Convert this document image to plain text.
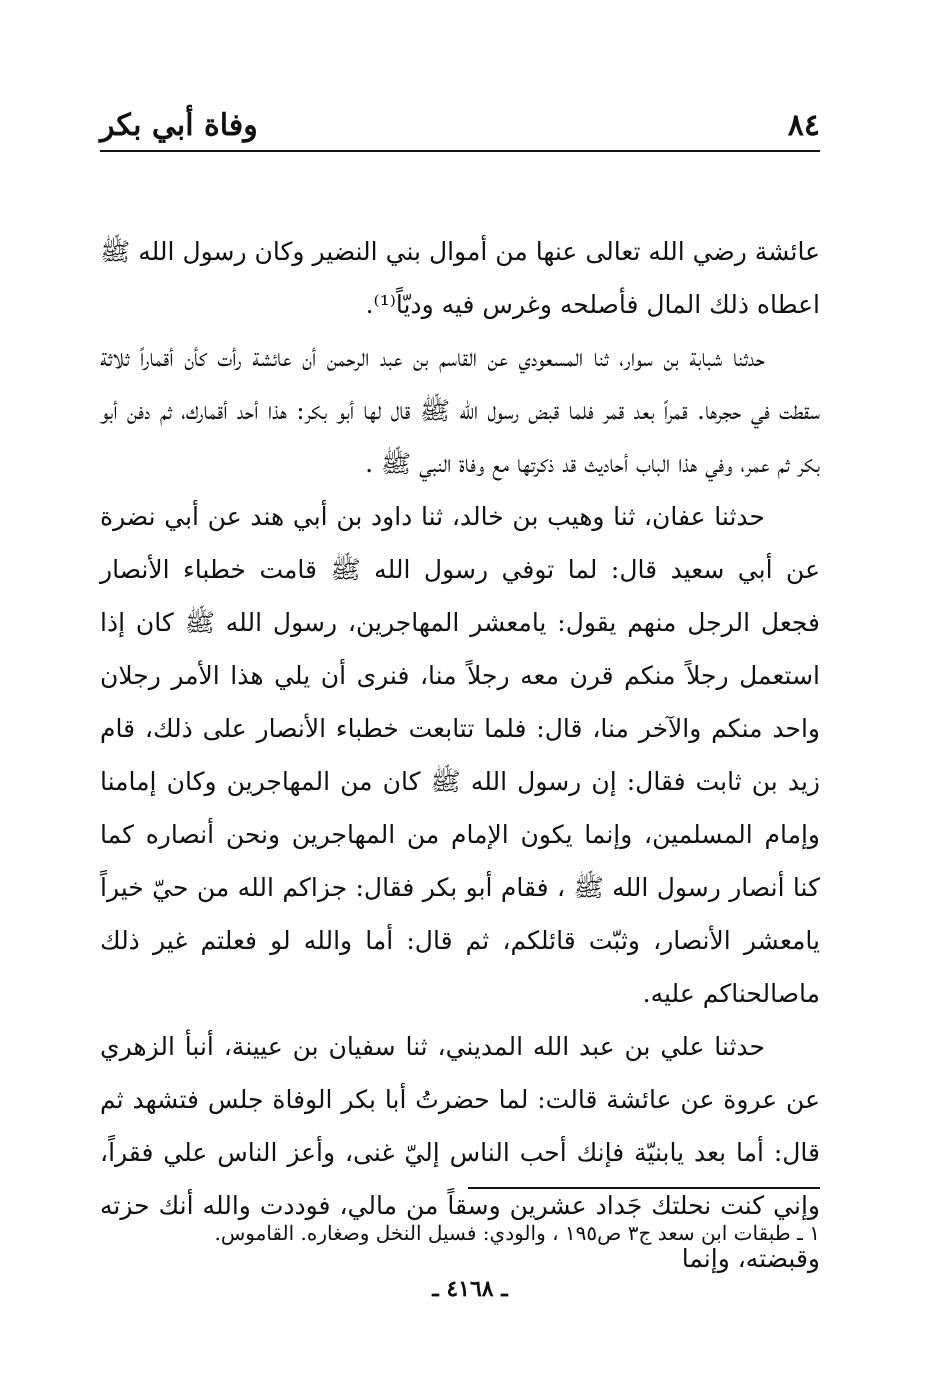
٨٤
وفاة أبي بكر

عائشة رضي الله تعالى عنها من أموال بني النضير وكان رسول الله ﷺ اعطاه ذلك المال فأصلحه وغرس فيه وديّاً⁽¹⁾.

حدثنا شبابة بن سوار، ثنا المسعودي عن القاسم بن عبد الرحمن أن عائشة رأت كأن أقماراً ثلاثة سقطت في حجرها. قمراً بعد قمر فلما قبض رسول الله ﷺ قال لها أبو بكر: هذا أحد أقمارك، ثم دفن أبو بكر ثم عمر، وفي هذا الباب أحاديث قد ذكرتها مع وفاة النبي ﷺ .

حدثنا عفان، ثنا وهيب بن خالد، ثنا داود بن أبي هند عن أبي نضرة عن أبي سعيد قال: لما توفي رسول الله ﷺ قامت خطباء الأنصار فجعل الرجل منهم يقول: يامعشر المهاجرين، رسول الله ﷺ كان إذا استعمل رجلاً منكم قرن معه رجلاً منا، فنرى أن يلي هذا الأمر رجلان واحد منكم والآخر منا، قال: فلما تتابعت خطباء الأنصار على ذلك، قام زيد بن ثابت فقال: إن رسول الله ﷺ كان من المهاجرين وكان إمامنا وإمام المسلمين، وإنما يكون الإمام من المهاجرين ونحن أنصاره كما كنا أنصار رسول الله ﷺ ، فقام أبو بكر فقال: جزاكم الله من حيّ خيراً يامعشر الأنصار، وثبّت قائلكم، ثم قال: أما والله لو فعلتم غير ذلك ماصالحناكم عليه.

حدثنا علي بن عبد الله المديني، ثنا سفيان بن عيينة، أنبأ الزهري عن عروة عن عائشة قالت: لما حضرتُ أبا بكر الوفاة جلس فتشهد ثم قال: أما بعد يابنيّة فإنك أحب الناس إليّ غنى، وأعز الناس علي فقراً، وإني كنت نحلتك جَداد عشرين وسقاً من مالي، فوددت والله أنك حزته وقبضته، وإنما

١ ـ طبقات ابن سعد ج٣ ص١٩٥ ، والودي: فسيل النخل وصغاره. القاموس.
ـ ٤١٦٨ ـ
